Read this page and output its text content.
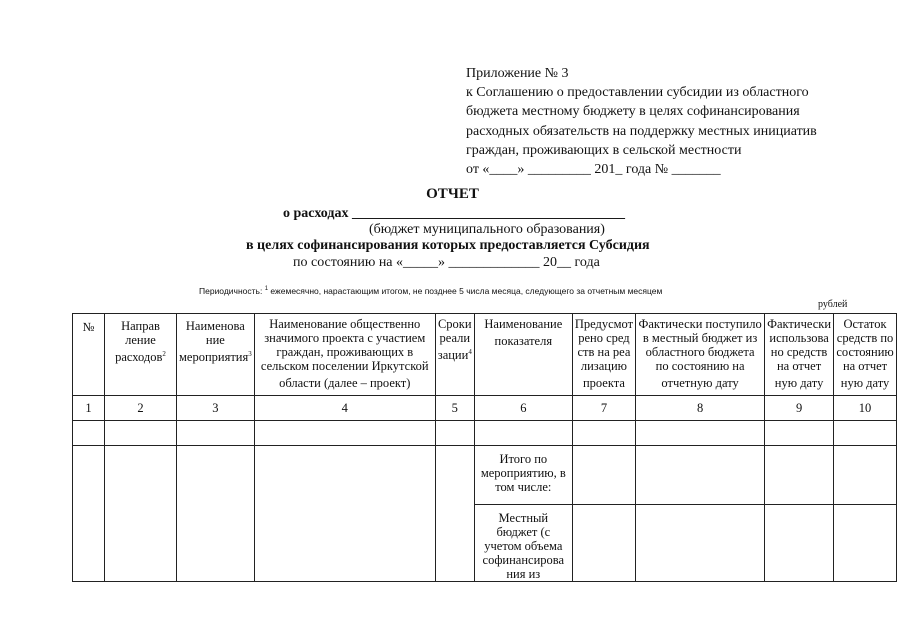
Приложение № 3
к Соглашению о предоставлении субсидии из областного
бюджета местному бюджету в целях софинансирования
расходных обязательств на поддержку местных инициатив
граждан, проживающих в сельской местности
от «____» _________ 201_ года № _______
ОТЧЕТ
о расходах _______________________________________
(бюджет муниципального образования)
в целях софинансирования которых предоставляется Субсидия
по состоянию на «_____» _____________ 20__ года
Периодичность: $^1$ ежемесячно, нарастающим итогом, не позднее 5 числа месяца, следующего за отчетным месяцем
рублей
№	Направ ление расходов$^2$	Наименова ние мероприятия$^3$	Наименование общественно значимого проекта с участием граждан, проживающих в сельском поселении Иркутской области (далее – проект)	Сроки реали зации$^4$	Наименование показателя	Предусмот рено сред ств на реа лизацию проекта	Фактически поступило в местный бюджет из областного бюджета по состоянию на отчетную дату	Фактически использова но средств на отчет ную дату	Остаток средств по состоянию на отчет ную дату
1	2	3	4	5	6	7	8	9	10

					Итого по мероприятию, в том числе:				
					Местный бюджет (с учетом объема софинансирова ния из				
